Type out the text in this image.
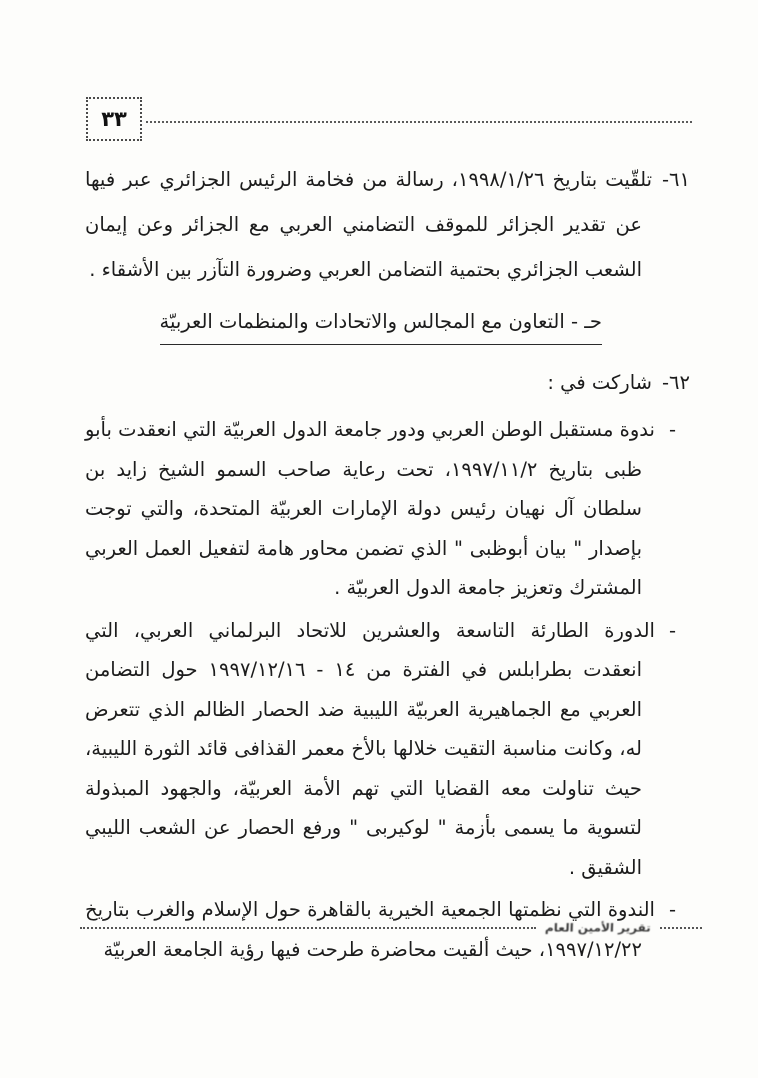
٣٣

٦١-تلقّيت بتاريخ ١٩٩٨/١/٢٦، رسالة من فخامة الرئيس الجزائري عبر فيها عن تقدير الجزائر للموقف التضامني العربي مع الجزائر وعن إيمان الشعب الجزائري بحتمية التضامن العربي وضرورة التآزر بين الأشقاء .

حـ - التعاون مع المجالس والاتحادات والمنظمات العربيّة

٦٢-شاركت في :

-ندوة مستقبل الوطن العربي ودور جامعة الدول العربيّة التي انعقدت بأبو ظبى بتاريخ ١٩٩٧/١١/٢، تحت رعاية صاحب السمو الشيخ زايد بن سلطان آل نهيان رئيس دولة الإمارات العربيّة المتحدة، والتي توجت بإصدار " بيان أبوظبى " الذي تضمن محاور هامة لتفعيل العمل العربي المشترك وتعزيز جامعة الدول العربيّة .

-الدورة الطارئة التاسعة والعشرين للاتحاد البرلماني العربي، التي انعقدت بطرابلس في الفترة من ١٤ - ١٩٩٧/١٢/١٦ حول التضامن العربي مع الجماهيرية العربيّة الليبية ضد الحصار الظالم الذي تتعرض له، وكانت مناسبة التقيت خلالها بالأخ معمر القذافى قائد الثورة الليبية، حيث تناولت معه القضايا التي تهم الأمة العربيّة، والجهود المبذولة لتسوية ما يسمى بأزمة " لوكيربى " ورفع الحصار عن الشعب الليبي الشقيق .

-الندوة التي نظمتها الجمعية الخيرية بالقاهرة حول الإسلام والغرب بتاريخ ١٩٩٧/١٢/٢٢، حيث ألقيت محاضرة طرحت فيها رؤية الجامعة العربيّة

تقرير الأمين العام
